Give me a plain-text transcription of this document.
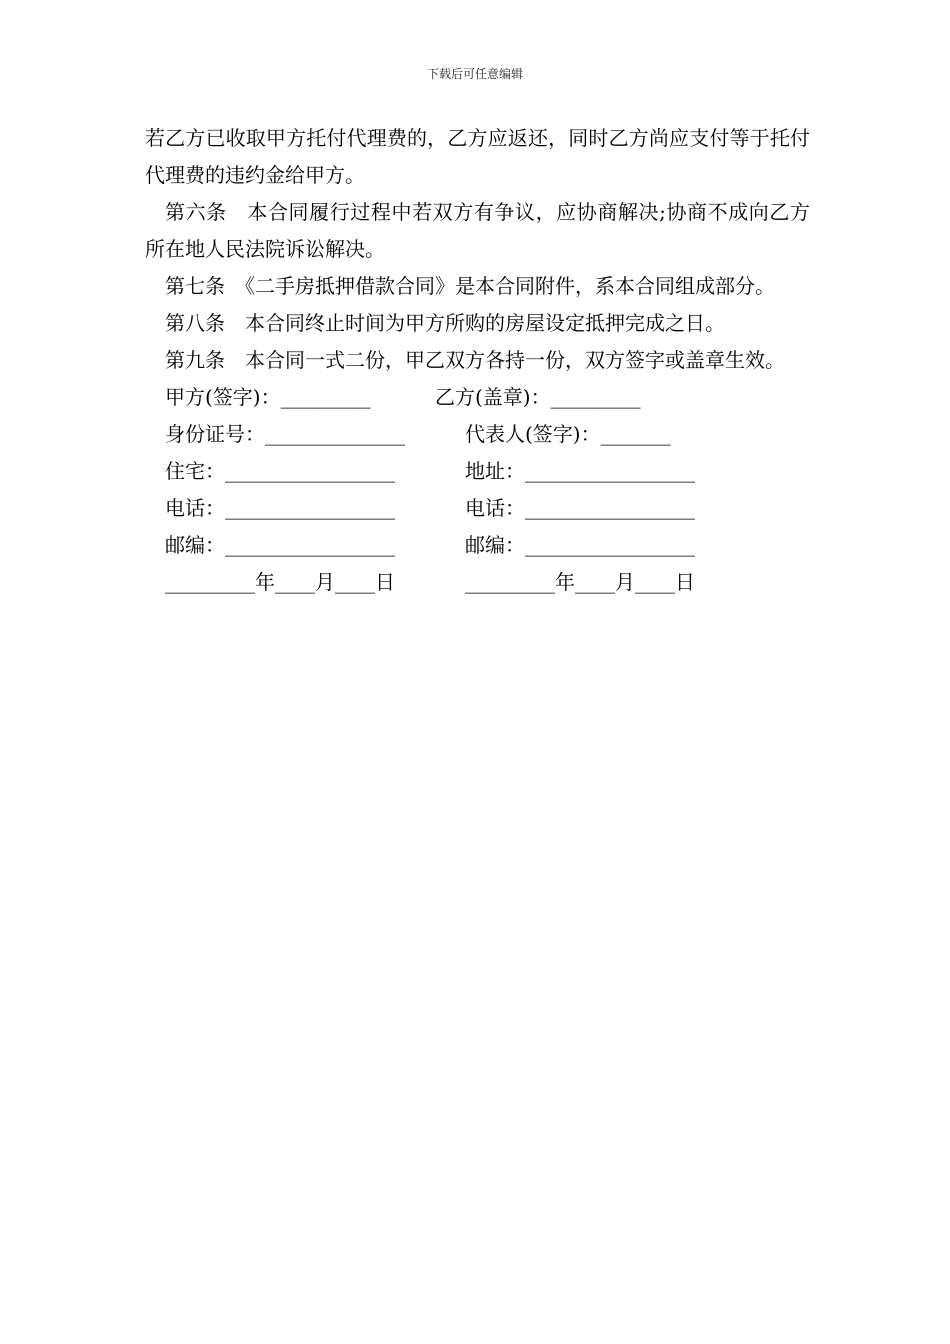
下载后可任意编辑

若乙方已收取甲方托付代理费的，乙方应返还，同时乙方尚应支付等于托付代理费的违约金给甲方。

第六条　本合同履行过程中若双方有争议，应协商解决;协商不成向乙方所在地人民法院诉讼解决。

第七条　《二手房抵押借款合同》是本合同附件，系本合同组成部分。

第八条　本合同终止时间为甲方所购的房屋设定抵押完成之日。

第九条　本合同一式二份，甲乙双方各持一份，双方签字或盖章生效。

甲方(签字)：_________	乙方(盖章)：_________
身份证号：______________	代表人(签字)：_______
住宅：_________________	地址：_________________
电话：_________________	电话：_________________
邮编：_________________	邮编：_________________
_________年____月____日	_________年____月____日
